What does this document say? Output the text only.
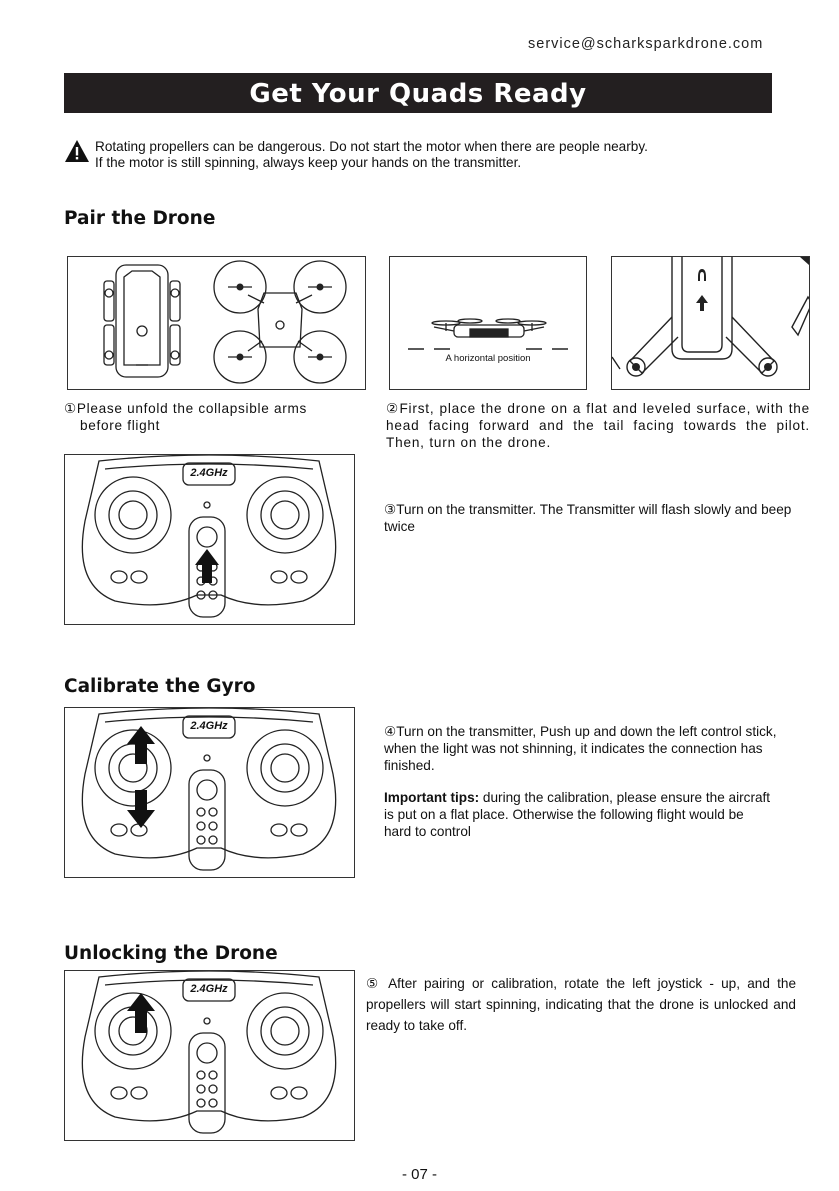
service@scharksparkdrone.com
Get Your Quads Ready
Rotating propellers can be dangerous. Do not start the motor when there are people nearby.
If the motor is still spinning, always keep your hands on the transmitter.
Pair the Drone
A horizontal position
①Please unfold the collapsible arms
before flight
②First, place the drone on a flat and leveled surface, with the head facing forward and the tail facing towards the pilot. Then, turn on the drone.
2.4GHz
③Turn on the transmitter. The Transmitter will flash slowly and beep twice
Calibrate the Gyro
2.4GHz	④Turn on the transmitter, Push up and down the left control stick, when the light was not shinning, it indicates the connection has finished.
Important tips: during the calibration, please ensure the aircraft is put on a flat place. Otherwise the following flight would be hard to control
Unlocking the Drone
2.4GHz	⑤ After pairing or calibration, rotate the left joystick - up, and the propellers will start spinning, indicating that the drone is unlocked and ready to take off.
- 07 -
